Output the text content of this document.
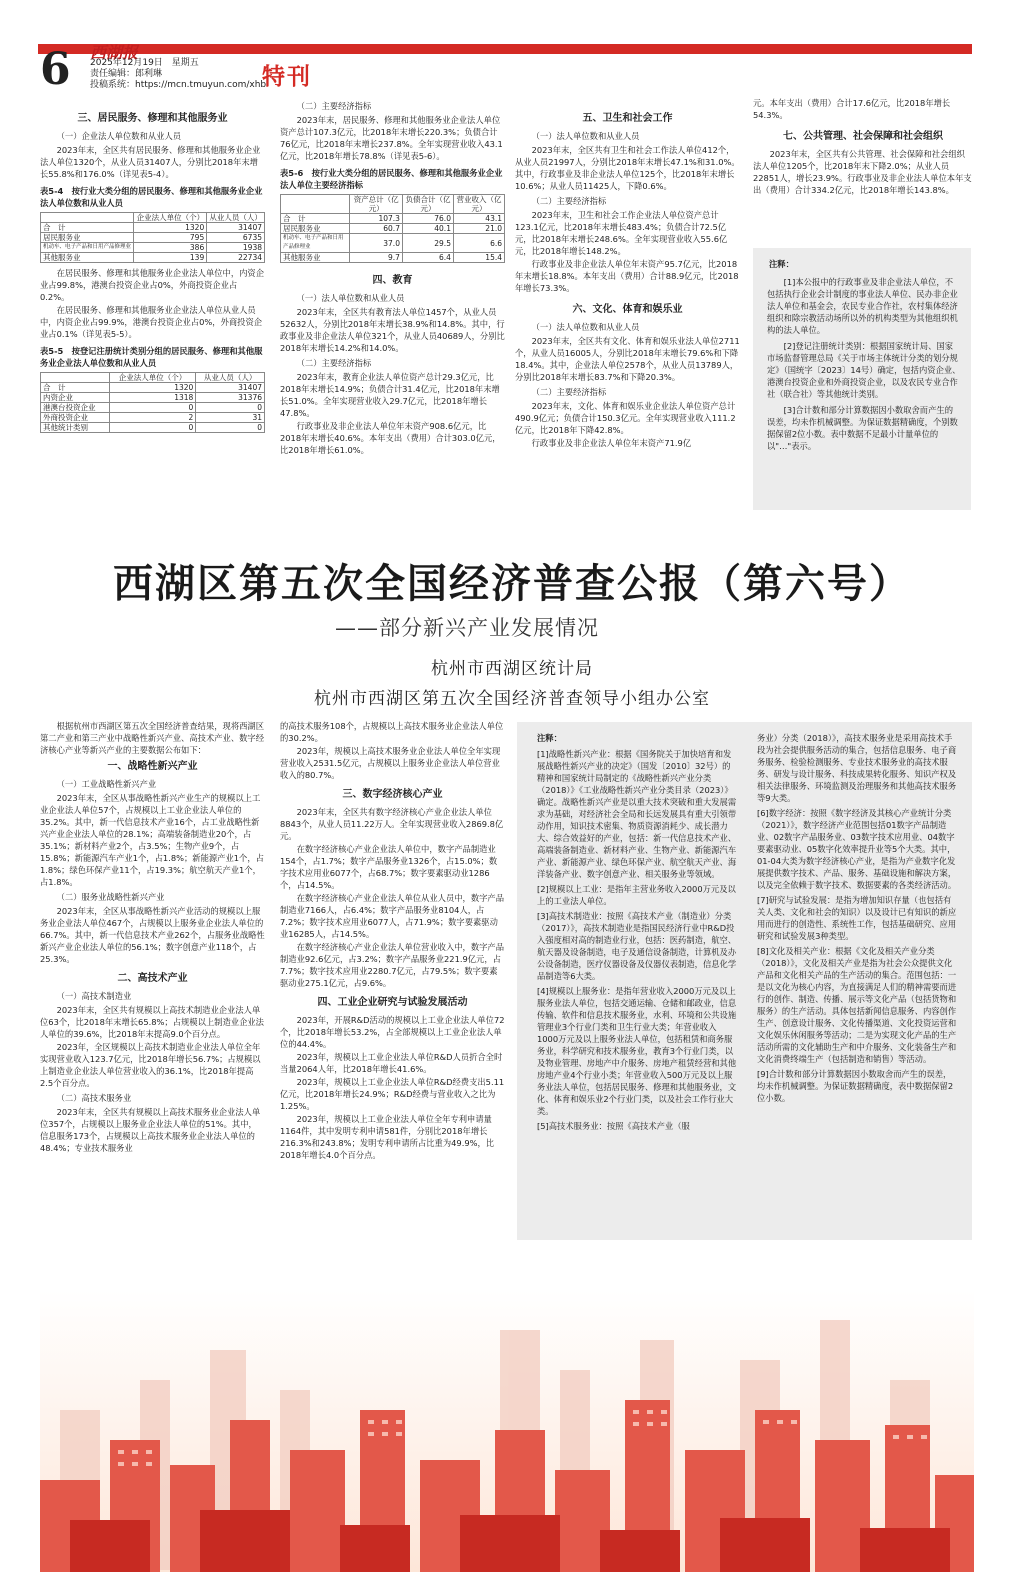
6 西湖报
2025年12月19日　星期五
责任编辑：郎利琳
投稿系统：https://mcn.tmuyun.com/xhb
特刊
三、居民服务、修理和其他服务业
（一）企业法人单位数和从业人员

2023年末，全区共有居民服务、修理和其他服务业企业法人单位1320个，从业人员31407人，分别比2018年末增长55.8%和176.0%（详见表5-4）。

表5-4　按行业大类分组的居民服务、修理和其他服务业企业法人单位数和从业人员
	企业法人单位（个）	从业人员（人）
合　计	1320	31407
居民服务业	795	6735
机动车、电子产品和日用产品修理业	386	1938
其他服务业	139	22734

在居民服务、修理和其他服务业企业法人单位中，内资企业占99.8%，港澳台投资企业占0%，外商投资企业占0.2%。

在居民服务、修理和其他服务业企业法人单位从业人员中，内资企业占99.9%，港澳台投资企业占0%，外商投资企业占0.1%（详见表5-5）。

表5-5　按登记注册统计类别分组的居民服务、修理和其他服务业企业法人单位数和从业人员
	企业法人单位（个）	从业人员（人）
合　计	1320	31407
内资企业	1318	31376
港澳台投资企业	0	0
外商投资企业	2	31
其他统计类别	0	0
（二）主要经济指标

2023年末，居民服务、修理和其他服务业企业法人单位资产总计107.3亿元，比2018年末增长220.3%；负债合计76亿元，比2018年末增长237.8%。全年实现营业收入43.1亿元，比2018年增长78.8%（详见表5-6）。

表5-6　按行业大类分组的居民服务、修理和其他服务业企业法人单位主要经济指标
	资产总计（亿元）	负债合计（亿元）	营业收入（亿元）
合　计	107.3	76.0	43.1
居民服务业	60.7	40.1	21.0
机动车、电子产品和日用产品修理业	37.0	29.5	6.6
其他服务业	9.7	6.4	15.4
四、教育
（一）法人单位数和从业人员

2023年末，全区共有教育法人单位1457个，从业人员52632人，分别比2018年末增长38.9%和14.8%。其中，行政事业及非企业法人单位321个，从业人员40689人，分别比2018年末增长14.2%和14.0%。

（二）主要经济指标

2023年末，教育企业法人单位资产总计29.3亿元，比2018年末增长14.9%；负债合计31.4亿元，比2018年末增长51.0%。全年实现营业收入29.7亿元，比2018年增长47.8%。

行政事业及非企业法人单位年末资产908.6亿元，比2018年末增长40.6%。本年支出（费用）合计303.0亿元，比2018年增长61.0%。

五、卫生和社会工作
（一）法人单位数和从业人员

2023年末，全区共有卫生和社会工作法人单位412个，从业人员21997人，分别比2018年末增长47.1%和31.0%。其中，行政事业及非企业法人单位125个，比2018年末增长10.6%；从业人员11425人，下降0.6%。

（二）主要经济指标

2023年末，卫生和社会工作企业法人单位资产总计123.1亿元，比2018年末增长483.4%；负债合计72.5亿元，比2018年末增长248.6%。全年实现营业收入55.6亿元，比2018年增长148.2%。

行政事业及非企业法人单位年末资产95.7亿元，比2018年末增长18.8%。本年支出（费用）合计88.9亿元，比2018年增长73.3%。

六、文化、体育和娱乐业
（一）法人单位数和从业人员

2023年末，全区共有文化、体育和娱乐业法人单位2711个，从业人员16005人，分别比2018年末增长79.6%和下降18.4%。其中，企业法人单位2578个，从业人员13789人，分别比2018年末增长83.7%和下降20.3%。

（二）主要经济指标

2023年末，文化、体育和娱乐业企业法人单位资产总计490.9亿元；负债合计150.3亿元。全年实现营业收入111.2亿元，比2018年下降42.8%。

行政事业及非企业法人单位年末资产71.9亿

元。本年支出（费用）合计17.6亿元，比2018年增长54.3%。

七、公共管理、社会保障和社会组织

2023年末，全区共有公共管理、社会保障和社会组织法人单位1205个，比2018年末下降2.0%；从业人员22851人，增长23.9%。行政事业及非企业法人单位本年支出（费用）合计334.2亿元，比2018年增长143.8%。

注释：

[1]本公报中的行政事业及非企业法人单位，不包括执行企业会计制度的事业法人单位、民办非企业法人单位和基金会，农民专业合作社，农村集体经济组织和除宗教活动场所以外的机构类型为其他组织机构的法人单位。

[2]登记注册统计类别：根据国家统计局、国家市场监督管理总局《关于市场主体统计分类的划分规定》（国统字〔2023〕14号）确定，包括内资企业、港澳台投资企业和外商投资企业，以及农民专业合作社（联合社）等其他统计类别。

[3]合计数和部分计算数据因小数取舍而产生的误差，均未作机械调整。为保证数据精确度，个别数据保留2位小数。表中数据不足最小计量单位的以"…"表示。

西湖区第五次全国经济普查公报（第六号）
——部分新兴产业发展情况
杭州市西湖区统计局
杭州市西湖区第五次全国经济普查领导小组办公室

根据杭州市西湖区第五次全国经济普查结果，现将西湖区第二产业和第三产业中战略性新兴产业、高技术产业、数字经济核心产业等新兴产业的主要数据公布如下：

一、战略性新兴产业
（一）工业战略性新兴产业

2023年末，全区从事战略性新兴产业生产的规模以上工业企业法人单位57个，占规模以上工业企业法人单位的35.2%。其中，新一代信息技术产业16个，占工业战略性新兴产业企业法人单位的28.1%；高端装备制造业20个，占35.1%；新材料产业2个，占3.5%；生物产业9个，占15.8%；新能源汽车产业1个，占1.8%；新能源产业1个，占1.8%；绿色环保产业11个，占19.3%；航空航天产业1个，占1.8%。

（二）服务业战略性新兴产业

2023年末，全区从事战略性新兴产业活动的规模以上服务业企业法人单位467个，占规模以上服务业企业法人单位的66.7%。其中，新一代信息技术产业262个，占服务业战略性新兴产业企业法人单位的56.1%；数字创意产业118个，占25.3%。

二、高技术产业
（一）高技术制造业

2023年末，全区共有规模以上高技术制造业企业法人单位63个，比2018年末增长65.8%；占规模以上制造业企业法人单位的39.6%，比2018年末提高9.0个百分点。

2023年，全区规模以上高技术制造业企业法人单位全年实现营业收入123.7亿元，比2018年增长56.7%；占规模以上制造业企业法人单位营业收入的36.1%，比2018年提高2.5个百分点。

（二）高技术服务业

2023年末，全区共有规模以上高技术服务业企业法人单位357个，占规模以上服务业企业法人单位的51%。其中，信息服务173个，占规模以上高技术服务业企业法人单位的48.4%；专业技术服务业

的高技术服务108个，占规模以上高技术服务业企业法人单位的30.2%。

2023年，规模以上高技术服务业企业法人单位全年实现营业收入2531.5亿元，占规模以上服务业企业法人单位营业收入的80.7%。

三、数字经济核心产业

2023年末，全区共有数字经济核心产业企业法人单位8843个，从业人员11.22万人。全年实现营业收入2869.8亿元。

在数字经济核心产业企业法人单位中，数字产品制造业154个，占1.7%；数字产品服务业1326个，占15.0%；数字技术应用业6077个，占68.7%；数字要素驱动业1286个，占14.5%。

在数字经济核心产业企业法人单位从业人员中，数字产品制造业7166人，占6.4%；数字产品服务业8104人，占7.2%；数字技术应用业6077人，占71.9%；数字要素驱动业16285人，占14.5%。

在数字经济核心产业企业法人单位营业收入中，数字产品制造业92.6亿元，占3.2%；数字产品服务业221.9亿元，占7.7%；数字技术应用业2280.7亿元，占79.5%；数字要素驱动业275.1亿元，占9.6%。

四、工业企业研究与试验发展活动

2023年，开展R&D活动的规模以上工业企业法人单位72个，比2018年增长53.2%，占全部规模以上工业企业法人单位的44.4%。

2023年，规模以上工业企业法人单位R&D人员折合全时当量2064人年，比2018年增长41.6%。

2023年，规模以上工业企业法人单位R&D经费支出5.11亿元，比2018年增长24.9%；R&D经费与营业收入之比为1.25%。

2023年，规模以上工业企业法人单位全年专利申请量1164件，其中发明专利申请581件，分别比2018年增长216.3%和243.8%；发明专利申请所占比重为49.9%，比2018年增长4.0个百分点。

注释：

[1]战略性新兴产业：根据《国务院关于加快培育和发展战略性新兴产业的决定》（国发〔2010〕32号）的精神和国家统计局制定的《战略性新兴产业分类（2018）》《工业战略性新兴产业分类目录（2023）》确定。战略性新兴产业是以重大技术突破和重大发展需求为基础，对经济社会全局和长远发展具有重大引领带动作用，知识技术密集、物质资源消耗少、成长潜力大、综合效益好的产业，包括：新一代信息技术产业、高端装备制造业、新材料产业、生物产业、新能源汽车产业、新能源产业、绿色环保产业、航空航天产业、海洋装备产业、数字创意产业、相关服务业等领域。

[2]规模以上工业：是指年主营业务收入2000万元及以上的工业法人单位。

[3]高技术制造业：按照《高技术产业（制造业）分类（2017）》，高技术制造业是指国民经济行业中R&D投入强度相对高的制造业行业，包括：医药制造，航空、航天器及设备制造，电子及通信设备制造，计算机及办公设备制造，医疗仪器设备及仪器仪表制造，信息化学品制造等6大类。

[4]规模以上服务业：是指年营业收入2000万元及以上服务业法人单位，包括交通运输、仓储和邮政业，信息传输、软件和信息技术服务业，水利、环境和公共设施管理业3个行业门类和卫生行业大类；年营业收入1000万元及以上服务业法人单位，包括租赁和商务服务业，科学研究和技术服务业，教育3个行业门类，以及物业管理、房地产中介服务、房地产租赁经营和其他房地产业4个行业小类；年营业收入500万元及以上服务业法人单位，包括居民服务、修理和其他服务业，文化、体育和娱乐业2个行业门类，以及社会工作行业大类。

[5]高技术服务业：按照《高技术产业（服

务业）分类（2018）》，高技术服务业是采用高技术手段为社会提供服务活动的集合，包括信息服务、电子商务服务、检验检测服务、专业技术服务业的高技术服务、研发与设计服务、科技成果转化服务、知识产权及相关法律服务、环境监测及治理服务和其他高技术服务等9大类。

[6]数字经济：按照《数字经济及其核心产业统计分类（2021）》，数字经济产业范围包括01数字产品制造业、02数字产品服务业、03数字技术应用业、04数字要素驱动业、05数字化效率提升业等5个大类。其中，01-04大类为数字经济核心产业，是指为产业数字化发展提供数字技术、产品、服务、基础设施和解决方案，以及完全依赖于数字技术、数据要素的各类经济活动。

[7]研究与试验发展：是指为增加知识存量（也包括有关人类、文化和社会的知识）以及设计已有知识的新应用而进行的创造性、系统性工作，包括基础研究、应用研究和试验发展3种类型。

[8]文化及相关产业：根据《文化及相关产业分类（2018）》，文化及相关产业是指为社会公众提供文化产品和文化相关产品的生产活动的集合。范围包括：一是以文化为核心内容，为直接满足人们的精神需要而进行的创作、制造、传播、展示等文化产品（包括货物和服务）的生产活动。具体包括新闻信息服务、内容创作生产、创意设计服务、文化传播渠道、文化投资运营和文化娱乐休闲服务等活动；二是为实现文化产品的生产活动所需的文化辅助生产和中介服务、文化装备生产和文化消费终端生产（包括制造和销售）等活动。

[9]合计数和部分计算数据因小数取舍而产生的误差，均未作机械调整。为保证数据精确度，表中数据保留2位小数。
